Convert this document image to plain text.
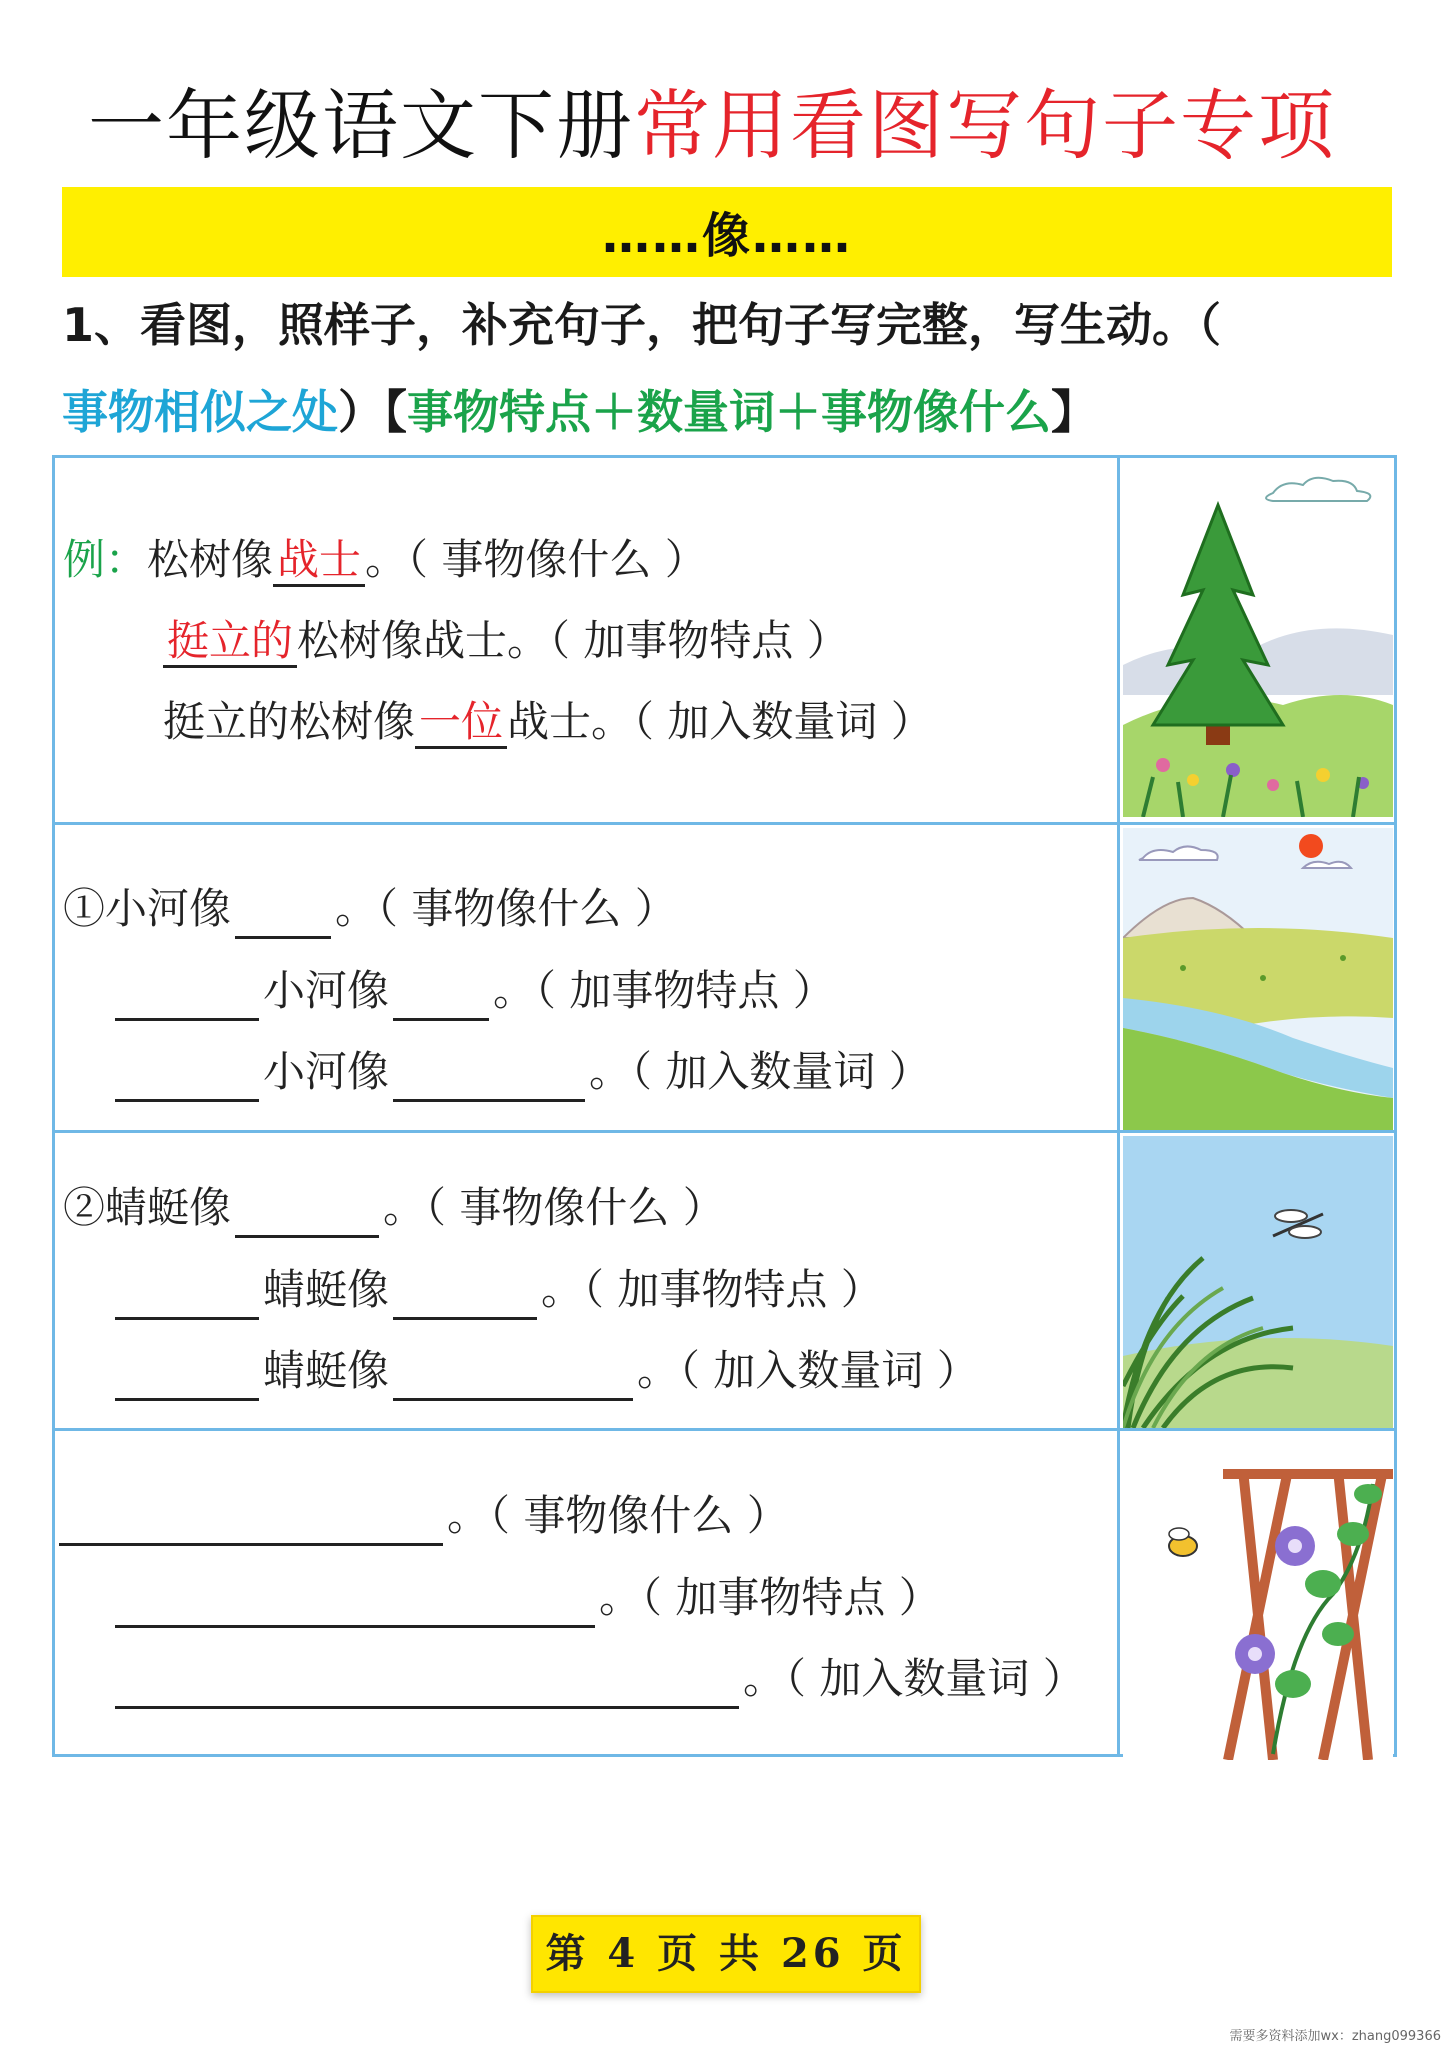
一年级语文下册常用看图写句子专项
……像……
1、看图，照样子，补充句子，把句子写完整，写生动。（
事物相似之处）【事物特点＋数量词＋事物像什么】
例：松树像战士。（ 事物像什么 ）
挺立的松树像战士。（ 加事物特点 ）
挺立的松树像一位战士。（ 加入数量词 ）
①小河像 。（ 事物像什么 ）
小河像 。（ 加事物特点 ）
小河像	。（ 加入数量词 ）
②蜻蜓像	。（ 事物像什么 ）
蜻蜓像	。（ 加事物特点 ）
蜻蜓像	。（ 加入数量词 ）
。（ 事物像什么 ）
。（ 加事物特点 ）
。（ 加入数量词 ）
第 4 页 共 26 页
需要多资料添加wx：zhang099366
